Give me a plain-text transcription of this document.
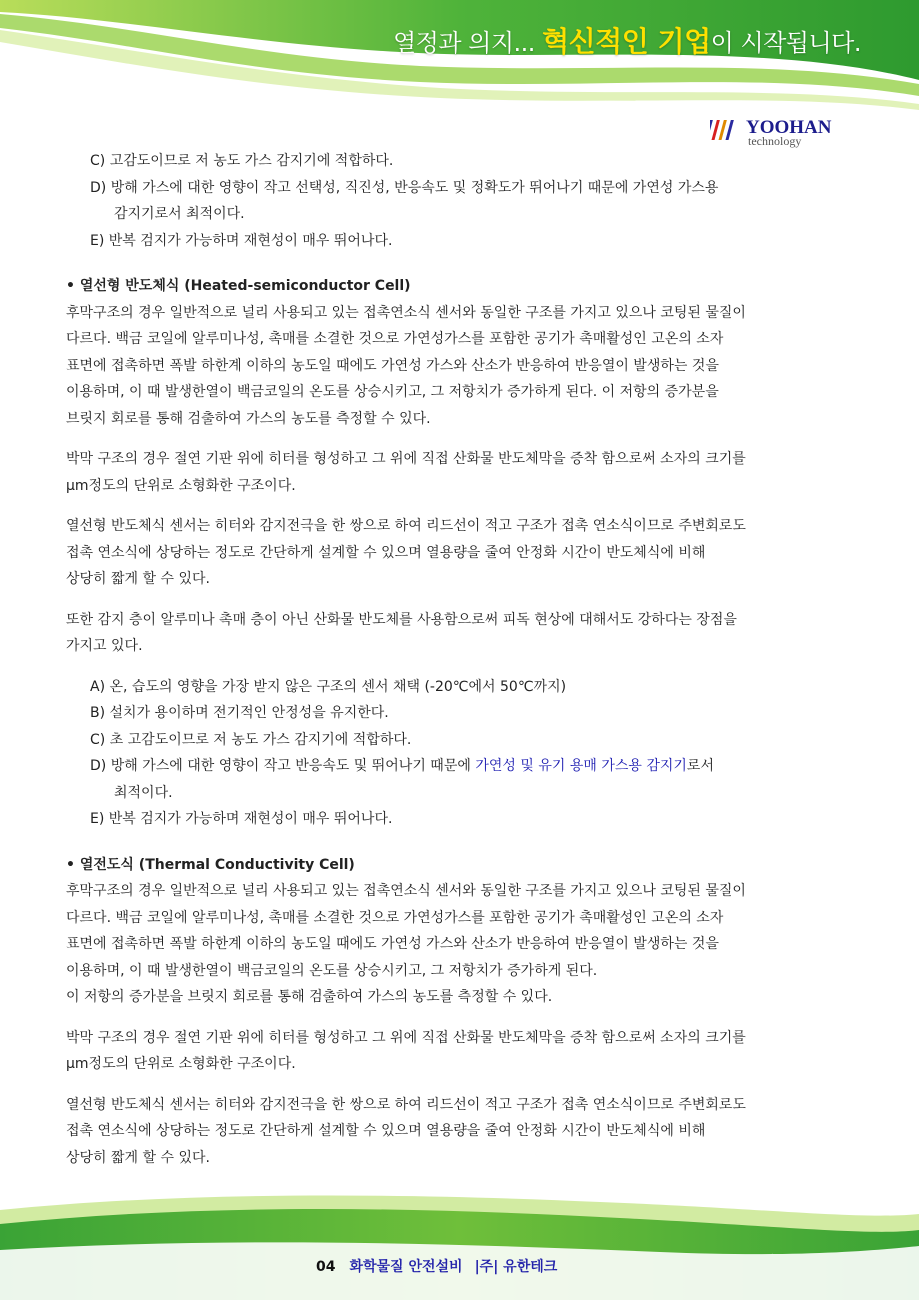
열정과 의지... 혁신적인 기업이 시작됩니다.
YOOHAN
technology

C) 고감도이므로 저 농도 가스 감지기에 적합하다.

D) 방해 가스에 대한 영향이 작고 선택성, 직진성, 반응속도 및 정확도가 뛰어나기 때문에 가연성 가스용

감지기로서 최적이다.

E) 반복 검지가 가능하며 재현성이 매우 뛰어나다.

• 열선형 반도체식 (Heated-semiconductor Cell)

후막구조의 경우 일반적으로 널리 사용되고 있는 접촉연소식 센서와 동일한 구조를 가지고 있으나 코팅된 물질이

다르다. 백금 코일에 알루미나성, 촉매를 소결한 것으로 가연성가스를 포함한 공기가 촉매활성인 고온의 소자

표면에 접촉하면 폭발 하한계 이하의 농도일 때에도 가연성 가스와 산소가 반응하여 반응열이 발생하는 것을

이용하며, 이 때 발생한열이 백금코일의 온도를 상승시키고, 그 저항치가 증가하게 된다. 이 저항의 증가분을

브릿지 회로를 통해 검출하여 가스의 농도를 측정할 수 있다.

박막 구조의 경우 절연 기판 위에 히터를 형성하고 그 위에 직접 산화물 반도체막을 증착 함으로써 소자의 크기를

μm정도의 단위로 소형화한 구조이다.

열선형 반도체식 센서는 히터와 감지전극을 한 쌍으로 하여 리드선이 적고 구조가 접촉 연소식이므로 주변회로도

접촉 연소식에 상당하는 정도로 간단하게 설계할 수 있으며 열용량을 줄여 안정화 시간이 반도체식에 비해

상당히 짧게 할 수 있다.

또한 감지 층이 알루미나 촉매 층이 아닌 산화물 반도체를 사용함으로써 피독 현상에 대해서도 강하다는 장점을

가지고 있다.

A) 온, 습도의 영향을 가장 받지 않은 구조의 센서 채택 (-20℃에서 50℃까지)

B) 설치가 용이하며 전기적인 안정성을 유지한다.

C) 초 고감도이므로 저 농도 가스 감지기에 적합하다.

D) 방해 가스에 대한 영향이 작고 반응속도 및 뛰어나기 때문에 가연성 및 유기 용매 가스용 감지기로서

최적이다.

E) 반복 검지가 가능하며 재현성이 매우 뛰어나다.

• 열전도식 (Thermal Conductivity Cell)

후막구조의 경우 일반적으로 널리 사용되고 있는 접촉연소식 센서와 동일한 구조를 가지고 있으나 코팅된 물질이

다르다. 백금 코일에 알루미나성, 촉매를 소결한 것으로 가연성가스를 포함한 공기가 촉매활성인 고온의 소자

표면에 접촉하면 폭발 하한계 이하의 농도일 때에도 가연성 가스와 산소가 반응하여 반응열이 발생하는 것을

이용하며, 이 때 발생한열이 백금코일의 온도를 상승시키고, 그 저항치가 증가하게 된다.

이 저항의 증가분을 브릿지 회로를 통해 검출하여 가스의 농도를 측정할 수 있다.

박막 구조의 경우 절연 기판 위에 히터를 형성하고 그 위에 직접 산화물 반도체막을 증착 함으로써 소자의 크기를

μm정도의 단위로 소형화한 구조이다.

열선형 반도체식 센서는 히터와 감지전극을 한 쌍으로 하여 리드선이 적고 구조가 접촉 연소식이므로 주변회로도

접촉 연소식에 상당하는 정도로 간단하게 설계할 수 있으며 열용량을 줄여 안정화 시간이 반도체식에 비해

상당히 짧게 할 수 있다.

04 화학물질 안전설비 |주| 유한테크
